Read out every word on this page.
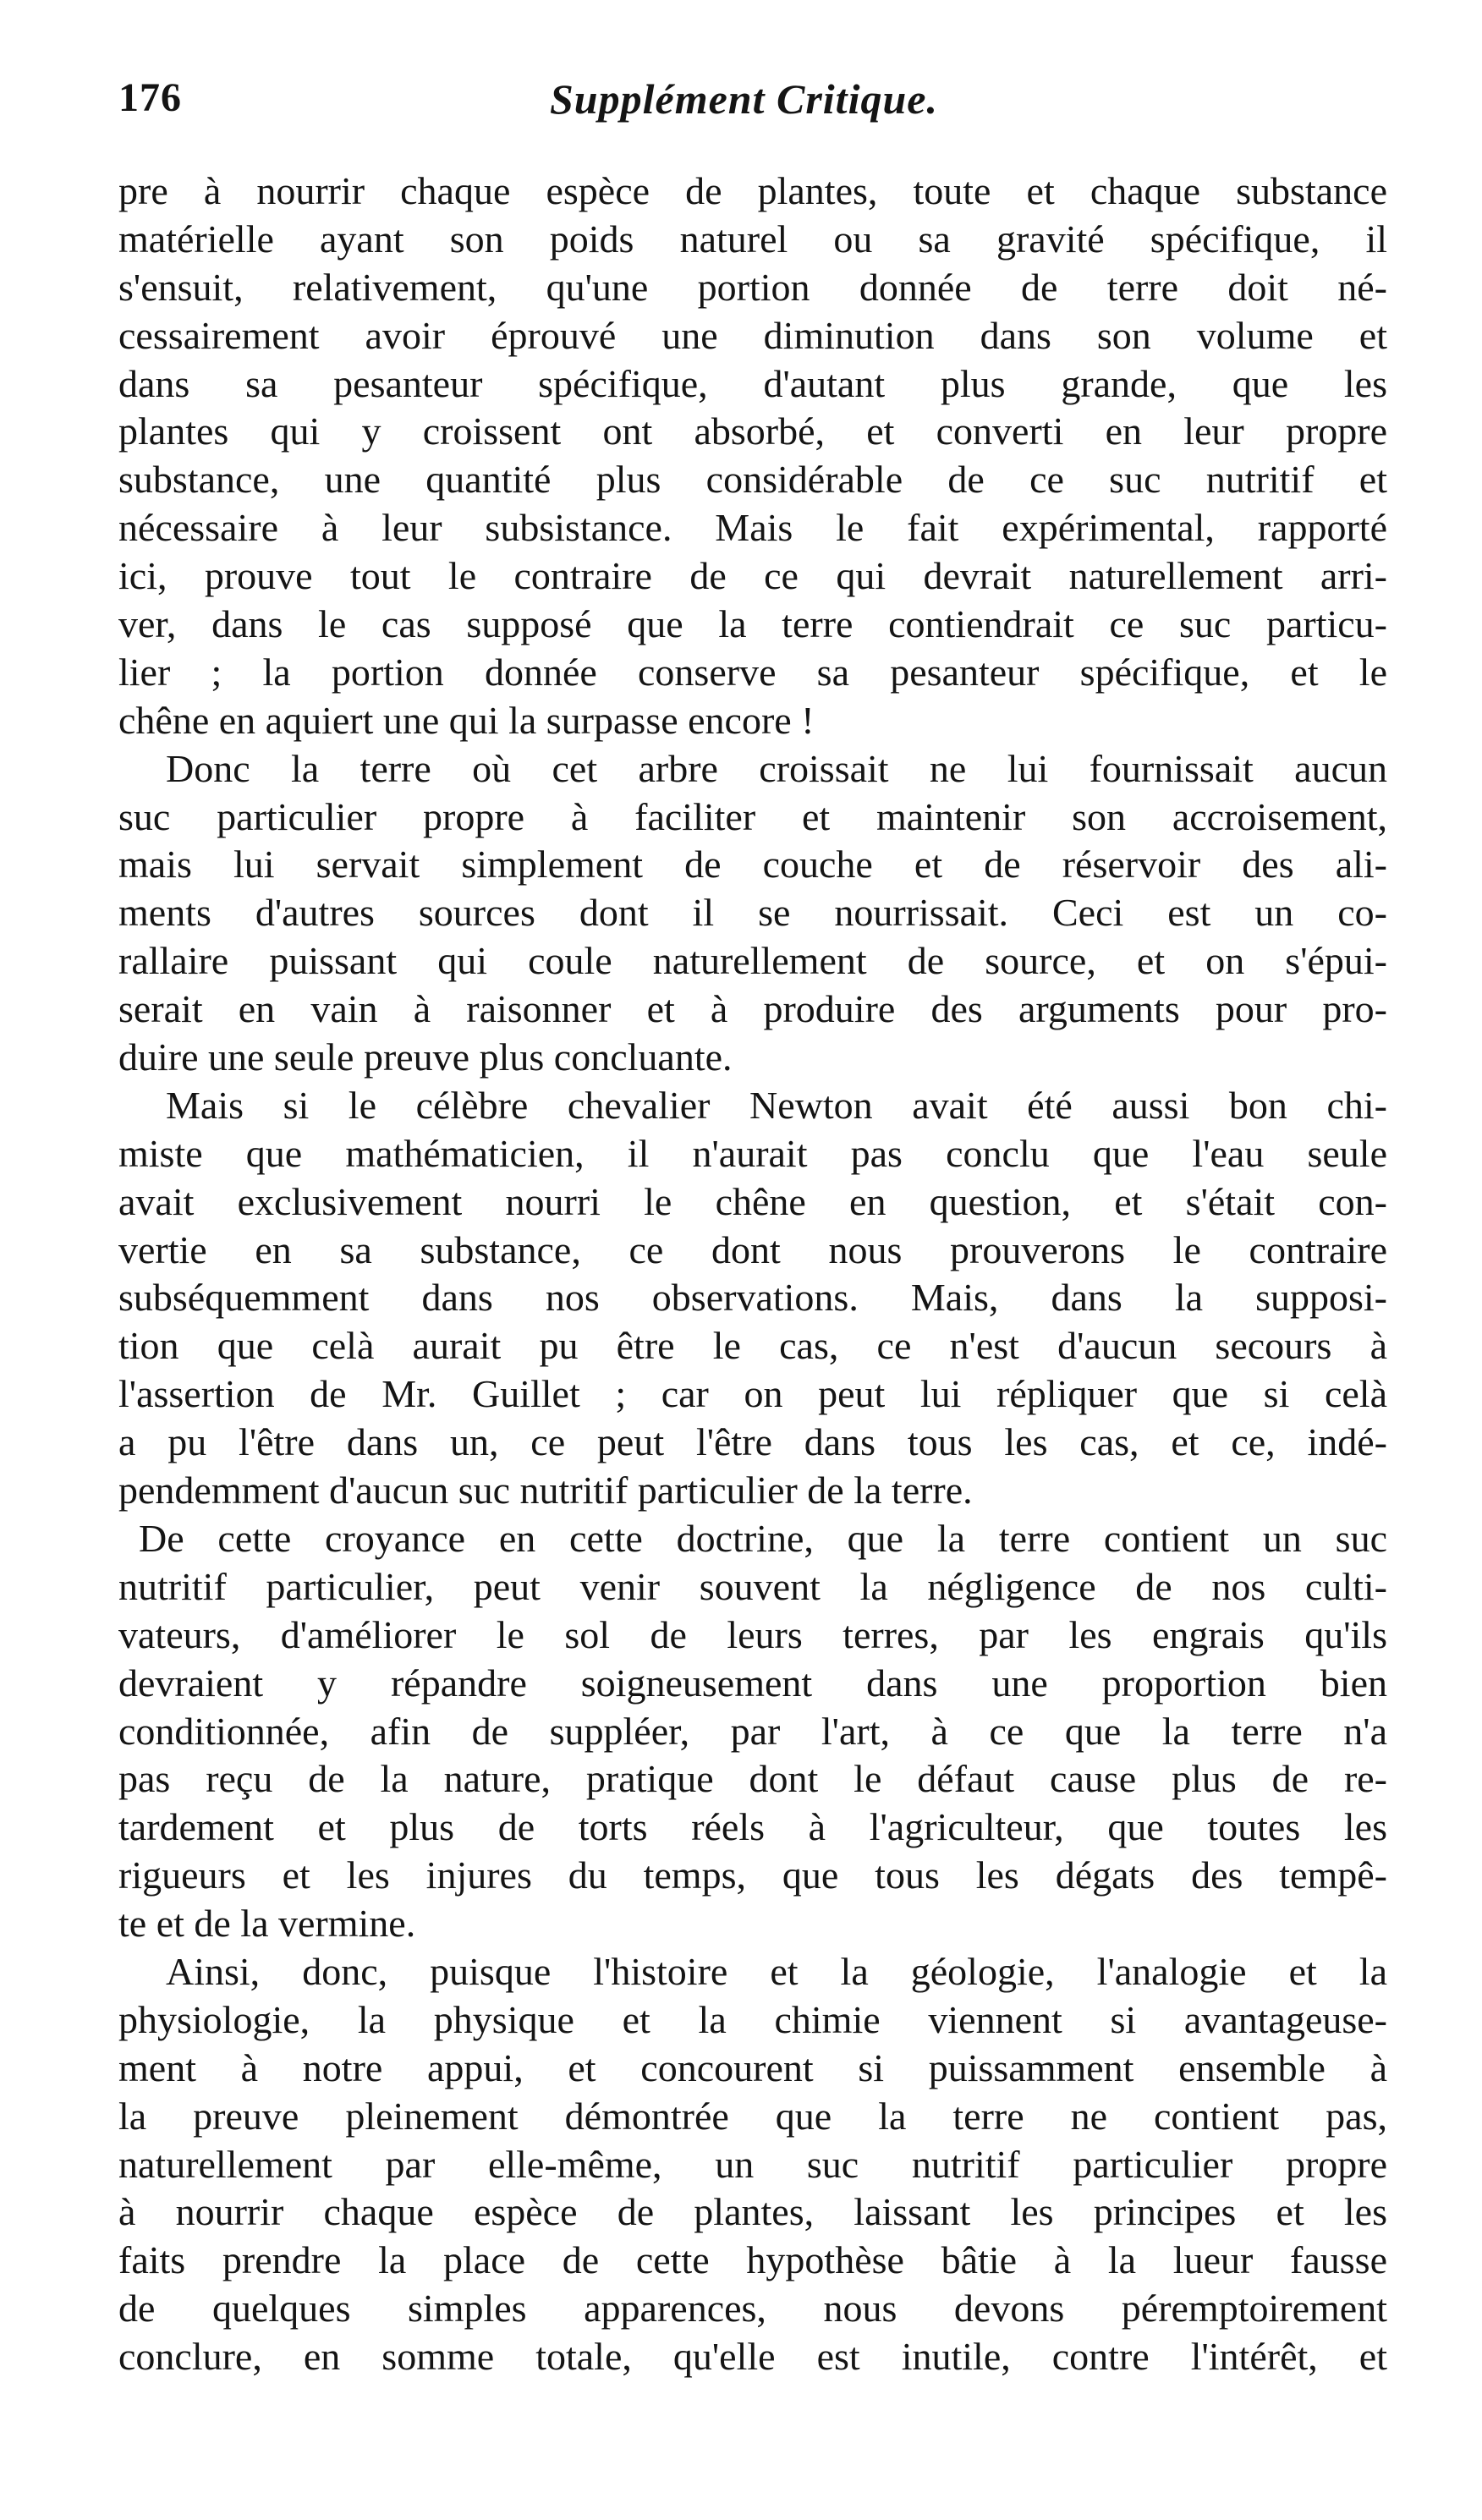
176	Supplément Critique.
pre à nourrir chaque espèce de plantes, toute et chaque substance
matérielle ayant son poids naturel ou sa gravité spécifique, il
s'ensuit, relativement, qu'une portion donnée de terre doit né-
cessairement avoir éprouvé une diminution dans son volume et
dans sa pesanteur spécifique, d'autant plus grande, que les
plantes qui y croissent ont absorbé, et converti en leur propre
substance, une quantité plus considérable de ce suc nutritif et
nécessaire à leur subsistance. Mais le fait expérimental, rapporté
ici, prouve tout le contraire de ce qui devrait naturellement arri-
ver, dans le cas supposé que la terre contiendrait ce suc particu-
lier ; la portion donnée conserve sa pesanteur spécifique, et le
chêne en aquiert une qui la surpasse encore !
Donc la terre où cet arbre croissait ne lui fournissait aucun
suc particulier propre à faciliter et maintenir son accroisement,
mais lui servait simplement de couche et de réservoir des ali-
ments d'autres sources dont il se nourrissait. Ceci est un co-
rallaire puissant qui coule naturellement de source, et on s'épui-
serait en vain à raisonner et à produire des arguments pour pro-
duire une seule preuve plus concluante.
Mais si le célèbre chevalier Newton avait été aussi bon chi-
miste que mathématicien, il n'aurait pas conclu que l'eau seule
avait exclusivement nourri le chêne en question, et s'était con-
vertie en sa substance, ce dont nous prouverons le contraire
subséquemment dans nos observations. Mais, dans la supposi-
tion que celà aurait pu être le cas, ce n'est d'aucun secours à
l'assertion de Mr. Guillet ; car on peut lui répliquer que si celà
a pu l'être dans un, ce peut l'être dans tous les cas, et ce, indé-
pendemment d'aucun suc nutritif particulier de la terre.
De cette croyance en cette doctrine, que la terre contient un suc
nutritif particulier, peut venir souvent la négligence de nos culti-
vateurs, d'améliorer le sol de leurs terres, par les engrais qu'ils
devraient y répandre soigneusement dans une proportion bien
conditionnée, afin de suppléer, par l'art, à ce que la terre n'a
pas reçu de la nature, pratique dont le défaut cause plus de re-
tardement et plus de torts réels à l'agriculteur, que toutes les
rigueurs et les injures du temps, que tous les dégats des tempê-
te et de la vermine.
Ainsi, donc, puisque l'histoire et la géologie, l'analogie et la
physiologie, la physique et la chimie viennent si avantageuse-
ment à notre appui, et concourent si puissamment ensemble à
la preuve pleinement démontrée que la terre ne contient pas,
naturellement par elle-même, un suc nutritif particulier propre
à nourrir chaque espèce de plantes, laissant les principes et les
faits prendre la place de cette hypothèse bâtie à la lueur fausse
de quelques simples apparences, nous devons péremptoirement
conclure, en somme totale, qu'elle est inutile, contre l'intérêt, et
